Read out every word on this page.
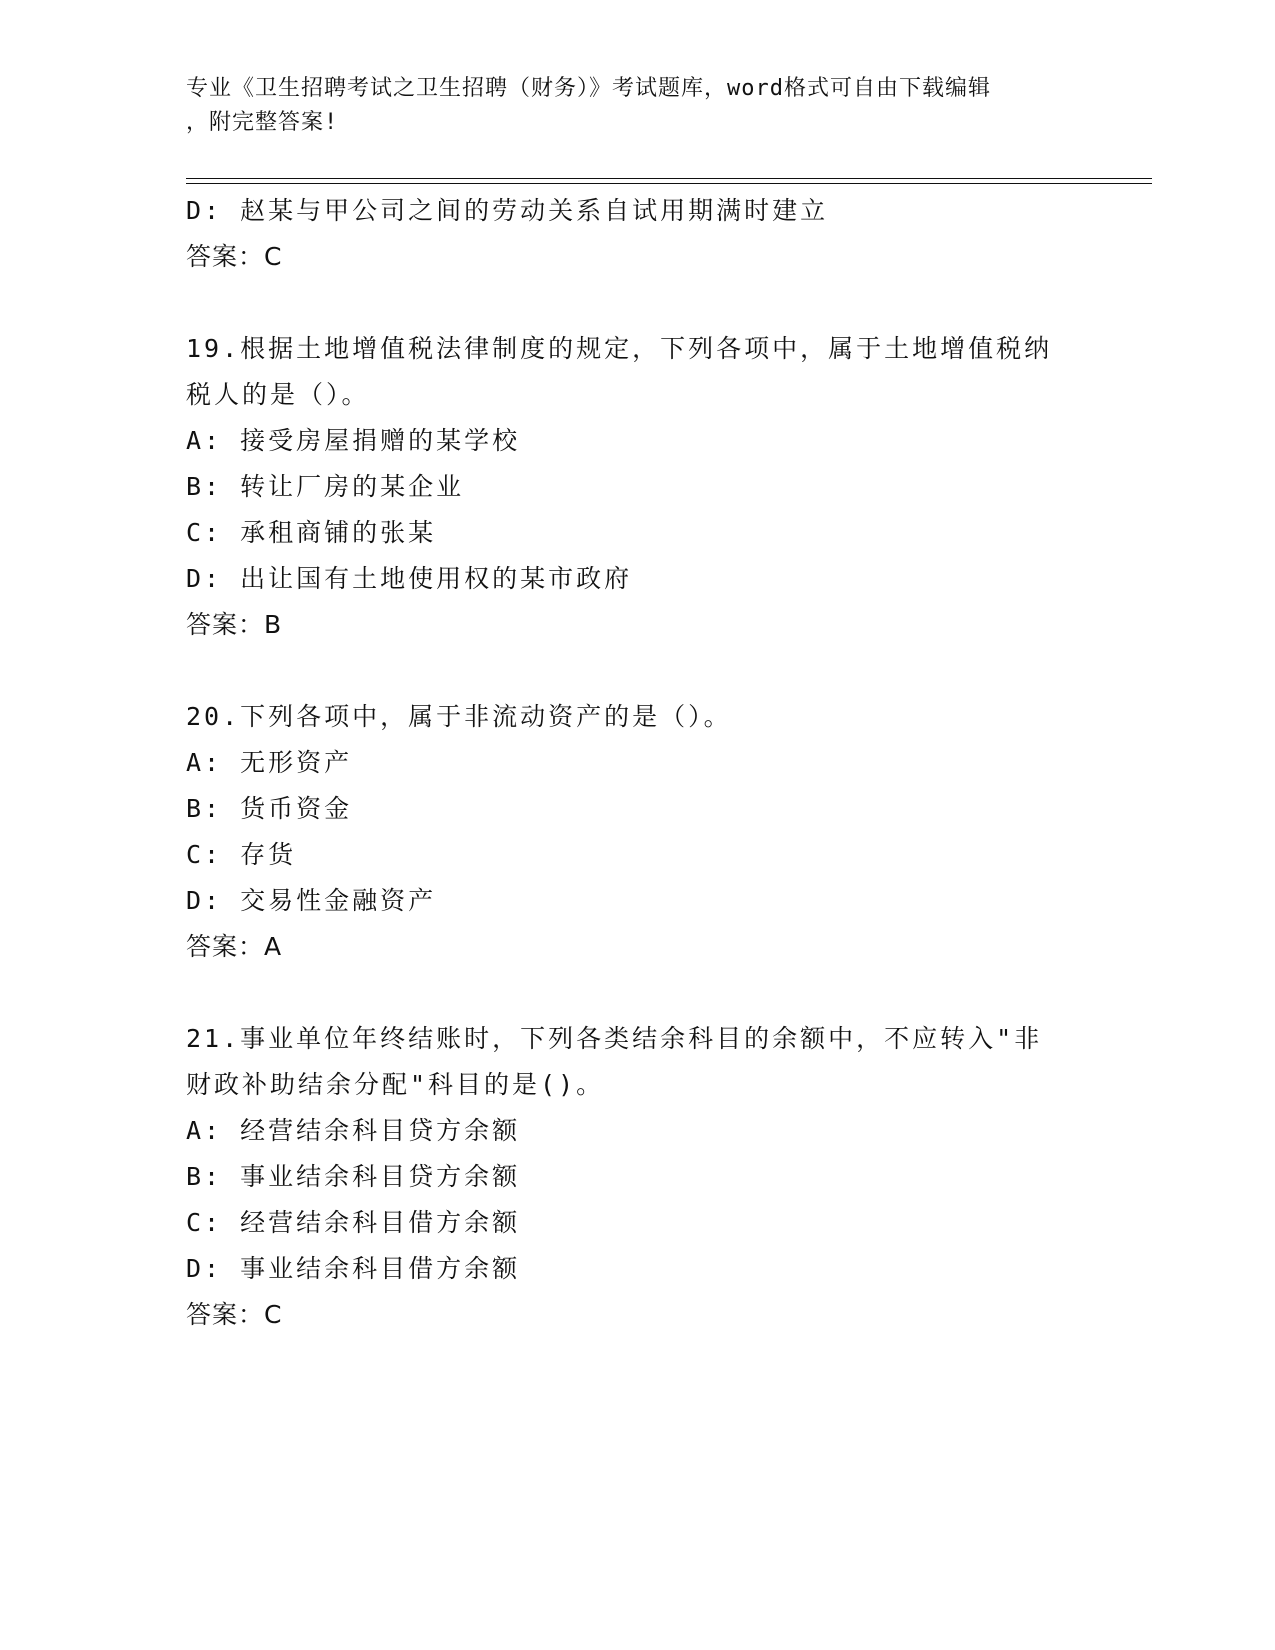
专业《卫生招聘考试之卫生招聘（财务）》考试题库，word格式可自由下载编辑
，附完整答案!
D: 赵某与甲公司之间的劳动关系自试用期满时建立
答案：C
19.根据土地增值税法律制度的规定，下列各项中，属于土地增值税纳
税人的是（）。
A: 接受房屋捐赠的某学校
B: 转让厂房的某企业
C: 承租商铺的张某
D: 出让国有土地使用权的某市政府
答案：B
20.下列各项中，属于非流动资产的是（）。
A: 无形资产
B: 货币资金
C: 存货
D: 交易性金融资产
答案：A
21.事业单位年终结账时，下列各类结余科目的余额中，不应转入"非
财政补助结余分配"科目的是()。
A: 经营结余科目贷方余额
B: 事业结余科目贷方余额
C: 经营结余科目借方余额
D: 事业结余科目借方余额
答案：C
